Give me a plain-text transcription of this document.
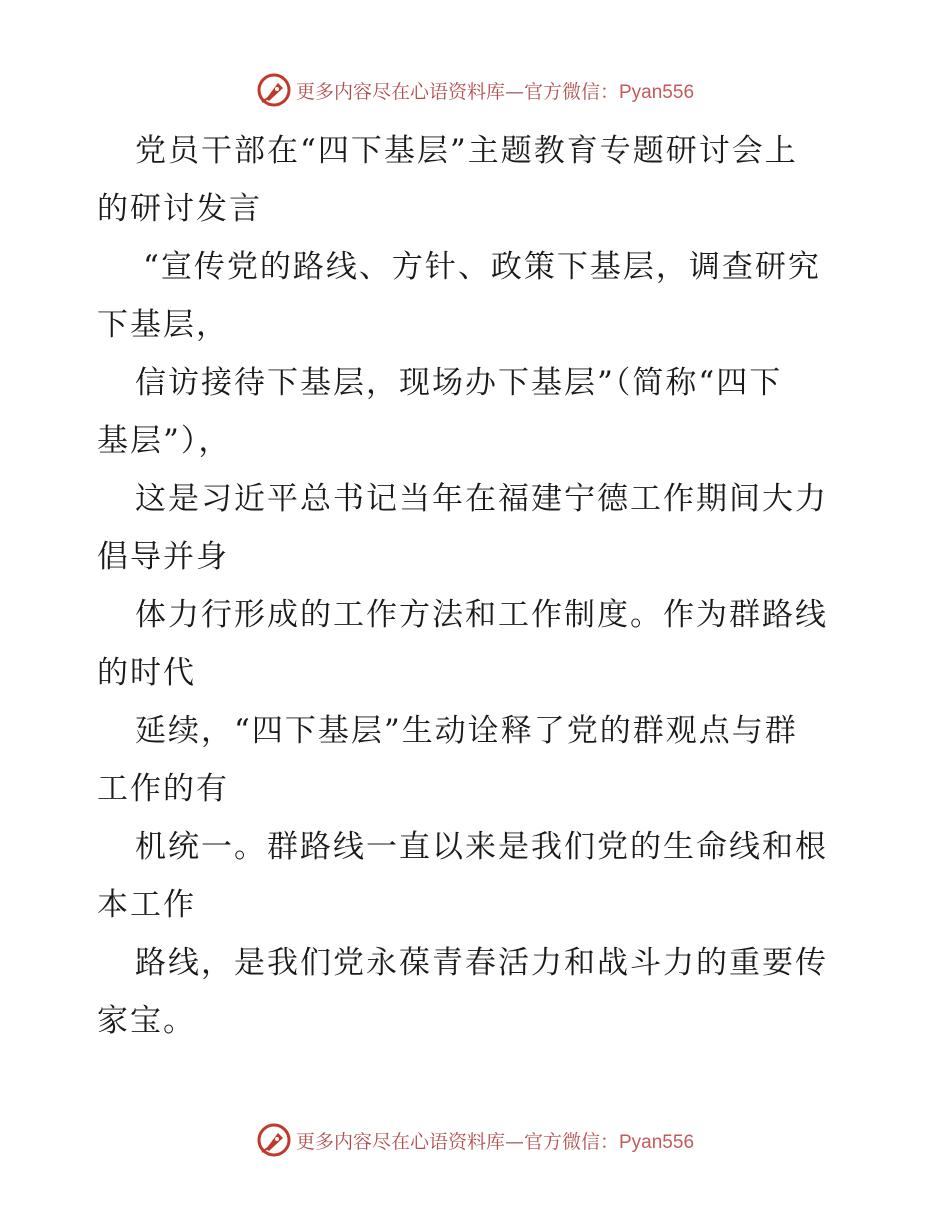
更多内容尽在心语资料库—官方微信：Pyan556
党员干部在“四下基层”主题教育专题研讨会上
的研讨发言
“宣传党的路线、方针、政策下基层，调查研究
下基层，
信访接待下基层，现场办下基层”（简称“四下
基层”），
这是习近平总书记当年在福建宁德工作期间大力
倡导并身
体力行形成的工作方法和工作制度。作为群路线
的时代
延续，“四下基层”生动诠释了党的群观点与群
工作的有
机统一。群路线一直以来是我们党的生命线和根
本工作
路线，是我们党永葆青春活力和战斗力的重要传
家宝。
更多内容尽在心语资料库—官方微信：Pyan556
